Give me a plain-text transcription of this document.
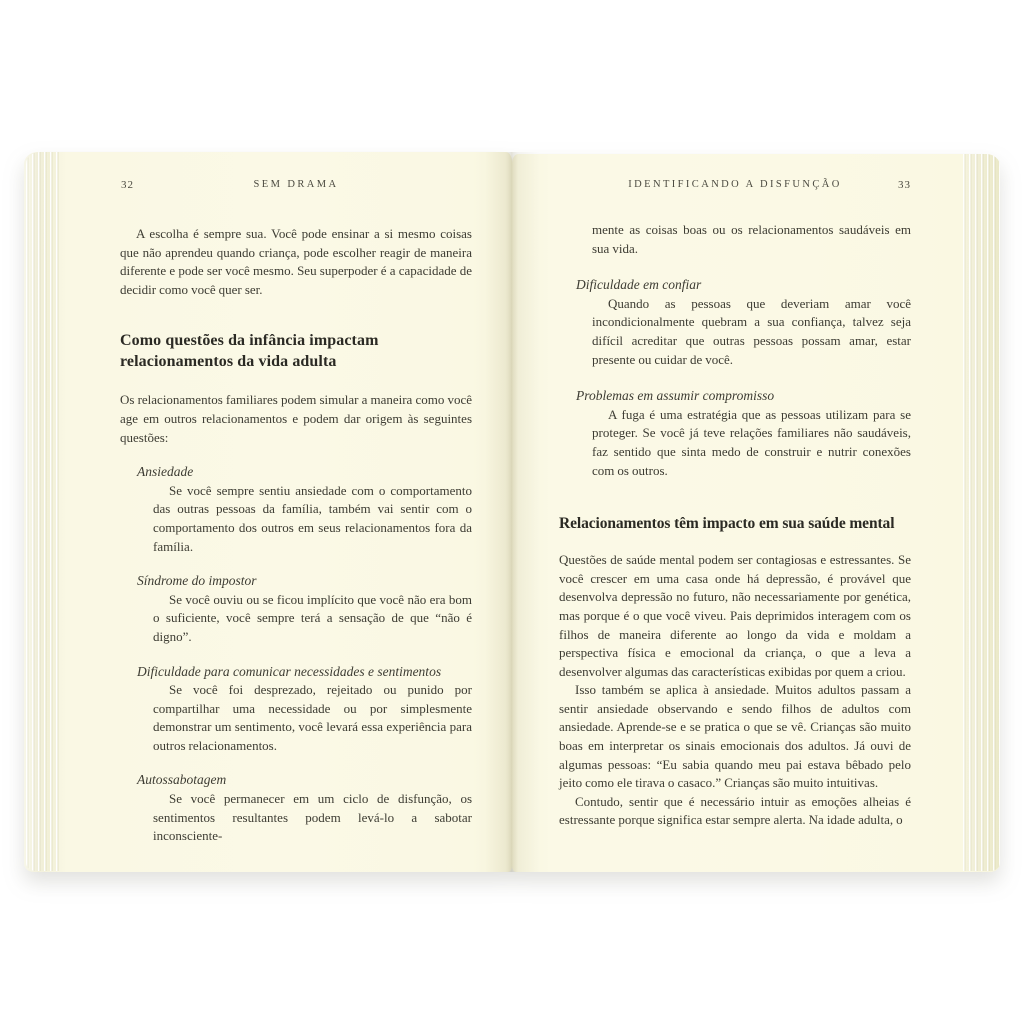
32	SEM DRAMA

A escolha é sempre sua. Você pode ensinar a si mesmo coisas que não aprendeu quando criança, pode escolher reagir de maneira diferente e pode ser você mesmo. Seu superpoder é a capacidade de decidir como você quer ser.

Como questões da infância impactam relacionamentos da vida adulta

Os relacionamentos familiares podem simular a maneira como você age em outros relacionamentos e podem dar origem às seguintes questões:

Ansiedade
Se você sempre sentiu ansiedade com o comportamento das outras pessoas da família, também vai sentir com o comportamento dos outros em seus relacionamentos fora da família.
Síndrome do impostor
Se você ouviu ou se ficou implícito que você não era bom o suficiente, você sempre terá a sensação de que “não é digno”.
Dificuldade para comunicar necessidades e sentimentos
Se você foi desprezado, rejeitado ou punido por compartilhar uma necessidade ou por simplesmente demonstrar um sentimento, você levará essa experiência para outros relacionamentos.
Autossabotagem
Se você permanecer em um ciclo de disfunção, os sentimentos resultantes podem levá-lo a sabotar inconsciente-
IDENTIFICANDO A DISFUNÇÃO	33

mente as coisas boas ou os relacionamentos saudáveis em sua vida.

Dificuldade em confiar
Quando as pessoas que deveriam amar você incondicionalmente quebram a sua confiança, talvez seja difícil acreditar que outras pessoas possam amar, estar presente ou cuidar de você.
Problemas em assumir compromisso
A fuga é uma estratégia que as pessoas utilizam para se proteger. Se você já teve relações familiares não saudáveis, faz sentido que sinta medo de construir e nutrir conexões com os outros.
Relacionamentos têm impacto em sua saúde mental

Questões de saúde mental podem ser contagiosas e estressantes. Se você crescer em uma casa onde há depressão, é provável que desenvolva depressão no futuro, não necessariamente por genética, mas porque é o que você viveu. Pais deprimidos interagem com os filhos de maneira diferente ao longo da vida e moldam a perspectiva física e emocional da criança, o que a leva a desenvolver algumas das características exibidas por quem a criou.

Isso também se aplica à ansiedade. Muitos adultos passam a sentir ansiedade observando e sendo filhos de adultos com ansiedade. Aprende-se e se pratica o que se vê. Crianças são muito boas em interpretar os sinais emocionais dos adultos. Já ouvi de algumas pessoas: “Eu sabia quando meu pai estava bêbado pelo jeito como ele tirava o casaco.” Crianças são muito intuitivas.

Contudo, sentir que é necessário intuir as emoções alheias é estressante porque significa estar sempre alerta. Na idade adulta, o
